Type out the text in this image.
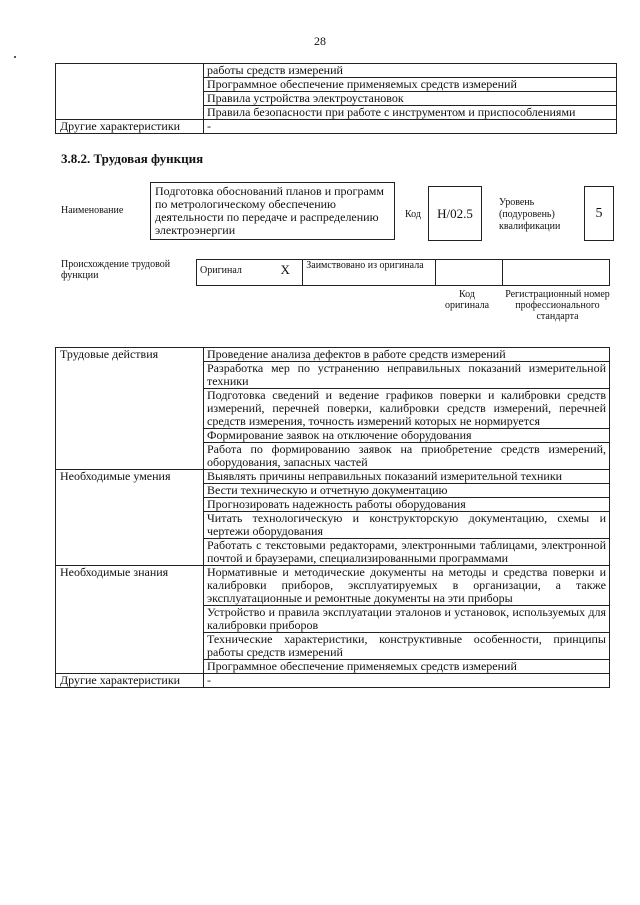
28
	работы средств измерений
	Программное обеспечение применяемых средств измерений
	Правила устройства электроустановок
	Правила безопасности при работе с инструментом и приспособлениями
Другие характеристики	-
3.8.2. Трудовая функция
Наименование
Подготовка обоснований планов и программ по метрологическому обеспечению деятельности по передаче и распределению электроэнергии
Код	H/02.5
Уровень (подуровень) квалификации
5
Происхождение трудовой функции	Оригинал	X	Заимствовано из оригинала		
Код оригинала
Регистрационный номер профессионального стандарта
Трудовые действия	Проведение анализа дефектов в работе средств измерений
	Разработка мер по устранению неправильных показаний измерительной техники
	Подготовка сведений и ведение графиков поверки и калибровки средств измерений, перечней поверки, калибровки средств измерений, перечней средств измерения, точность измерений которых не нормируется
	Формирование заявок на отключение оборудования
	Работа по формированию заявок на приобретение средств измерений, оборудования, запасных частей
Необходимые умения	Выявлять причины неправильных показаний измерительной техники
	Вести техническую и отчетную документацию
	Прогнозировать надежность работы оборудования
	Читать технологическую и конструкторскую документацию, схемы и чертежи оборудования
	Работать с текстовыми редакторами, электронными таблицами, электронной почтой и браузерами, специализированными программами
Необходимые знания	Нормативные и методические документы на методы и средства поверки и калибровки приборов, эксплуатируемых в организации, а также эксплуатационные и ремонтные документы на эти приборы
	Устройство и правила эксплуатации эталонов и установок, используемых для калибровки приборов
	Технические характеристики, конструктивные особенности, принципы работы средств измерений
	Программное обеспечение применяемых средств измерений
Другие характеристики	-
